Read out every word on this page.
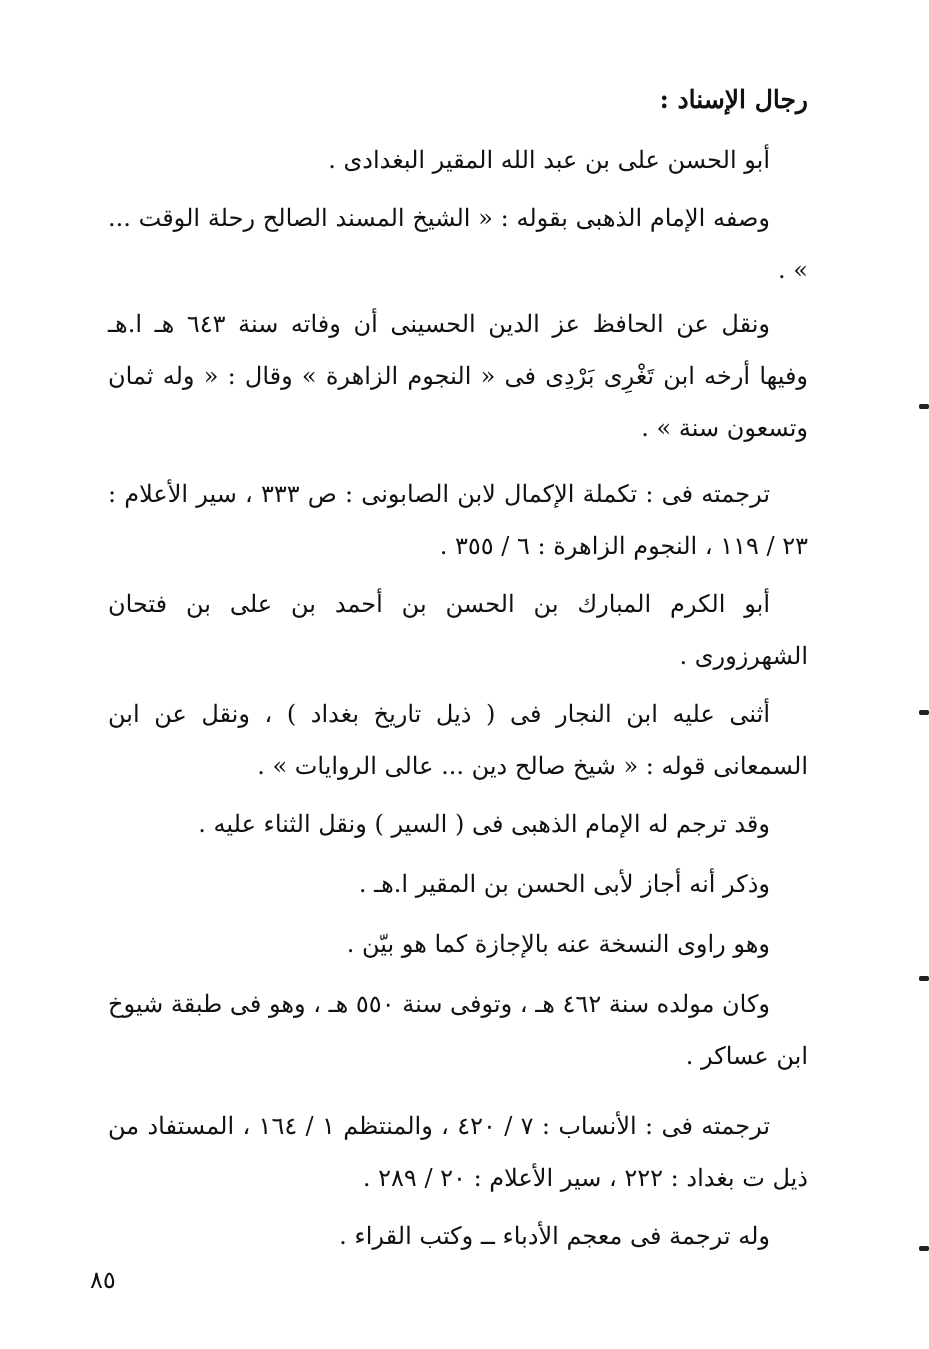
رجال الإسناد :

أبو الحسن على بن عبد الله المقير البغدادى .

وصفه الإمام الذهبى بقوله : « الشيخ المسند الصالح رحلة الوقت ... » .

ونقل عن الحافظ عز الدين الحسينى أن وفاته سنة ٦٤٣ هـ ا.هـ وفيها أرخه ابن تَغْرِى بَرْدِى فى « النجوم الزاهرة » وقال : « وله ثمان وتسعون سنة » .

ترجمته فى : تكملة الإكمال لابن الصابونى : ص ٣٣٣ ، سير الأعلام : ٢٣ / ١١٩ ، النجوم الزاهرة : ٦ / ٣٥٥ .

أبو الكرم المبارك بن الحسن بن أحمد بن على بن فتحان الشهرزورى .

أثنى عليه ابن النجار فى ( ذيل تاريخ بغداد ) ، ونقل عن ابن السمعانى قوله : « شيخ صالح دين ... عالى الروايات » .

وقد ترجم له الإمام الذهبى فى ( السير ) ونقل الثناء عليه .

وذكر أنه أجاز لأبى الحسن بن المقير ا.هـ .

وهو راوى النسخة عنه بالإجازة كما هو بيّن .

وكان مولده سنة ٤٦٢ هـ ، وتوفى سنة ٥٥٠ هـ ، وهو فى طبقة شيوخ ابن عساكر .

ترجمته فى : الأنساب : ٧ / ٤٢٠ ، والمنتظم ١ / ١٦٤ ، المستفاد من ذيل ت بغداد : ٢٢٢ ، سير الأعلام : ٢٠ / ٢٨٩ .

وله ترجمة فى معجم الأدباء ــ وكتب القراء .

٨٥
